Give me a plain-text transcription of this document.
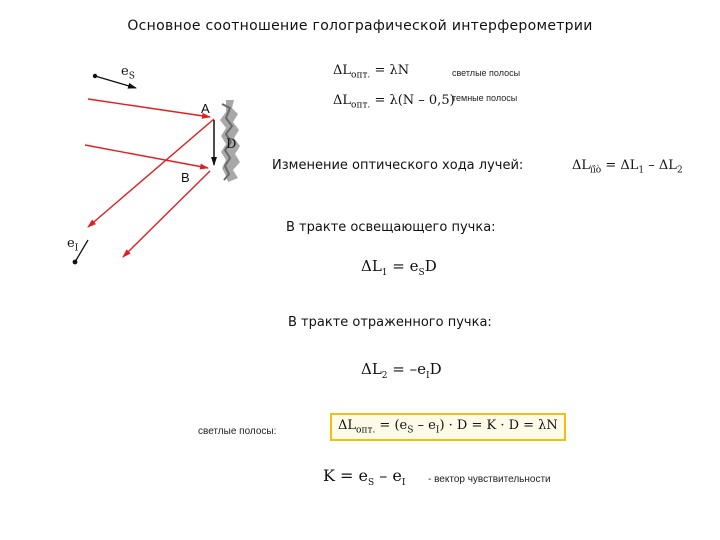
Основное соотношение голографической интерферометрии
$e_S$
$e_I$
A
B
D
$\Delta L_{опт.} = \lambda N$	светлые полосы
$\Delta L_{опт.} = \lambda(N - 0,5)$
темные полосы
Изменение оптического хода лучей:	$\Delta L_{ïîò} = \Delta L_1 - \Delta L_2$
В тракте освещающего пучка:
$\Delta L_1 = e_SD$
В тракте отраженного пучка:
$\Delta L_2 = -e_ID$
светлые полосы:	$\Delta L_{опт.} = (e_S - e_I) \cdot D = K \cdot D = \lambda N$
$K = e_S - e_I$ - вектор чувствительности
